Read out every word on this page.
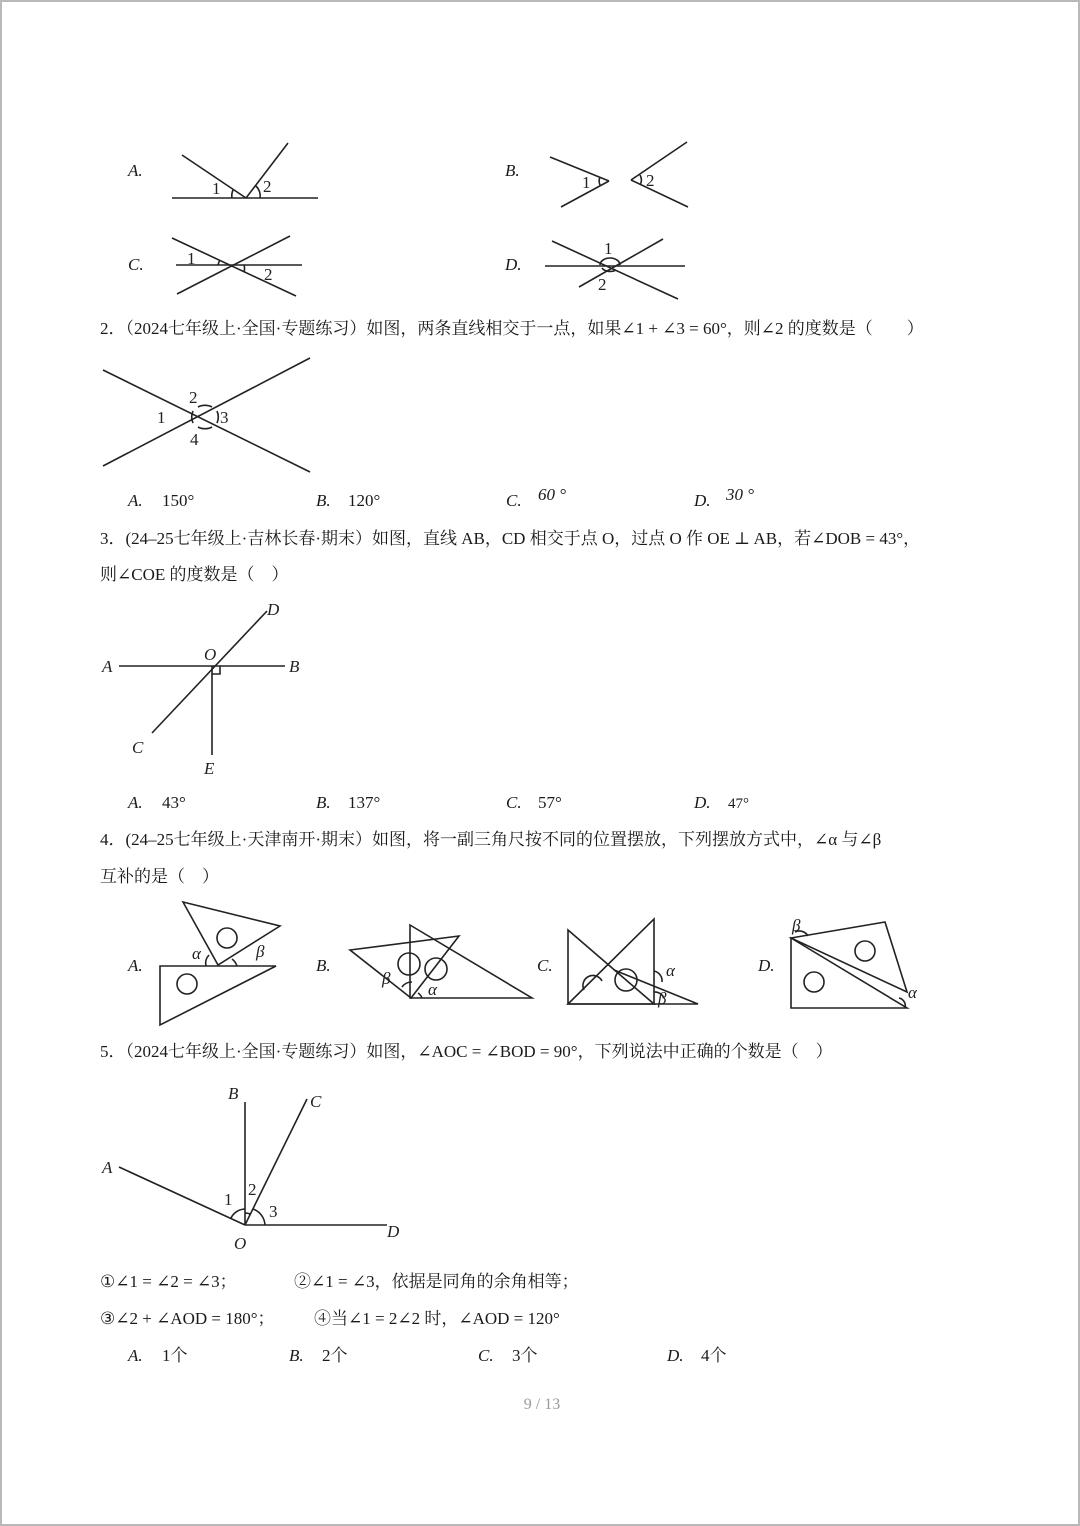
A.
1	2
B.
1	2
C.	1
2
D.
1
2
2．（2024七年级上·全国·专题练习）如图，两条直线相交于一点，如果∠1 + ∠3 = 60°，则∠2 的度数是（　　）
2
1	3
4
A. 150°	B. 120°	C. 60 °	D. 30 °
3．(24–25七年级上·吉林长春·期末）如图，直线 AB，CD 相交于点 O，过点 O 作 OE ⊥ AB，若∠DOB = 43°，
则∠COE 的度数是（　）
A	B
C
D
E
O
A. 43°	B. 137°	C. 57°	D. 47°
4．(24–25七年级上·天津南开·期末）如图，将一副三角尺按不同的位置摆放，下列摆放方式中，∠α 与∠β
互补的是（　）
A.
α	β
B.
β
α
C.	α
β
D.
β
α
5．（2024七年级上·全国·专题练习）如图，∠AOC = ∠BOD = 90°，下列说法中正确的个数是（　）
A
B	C
D
O
1
2
3
①∠1 = ∠2 = ∠3；	②∠1 = ∠3，依据是同角的余角相等；
③∠2 + ∠AOD = 180°； ④当∠1 = 2∠2 时，∠AOD = 120°
A. 1个	B. 2个	C. 3个	D. 4个
9 / 13
